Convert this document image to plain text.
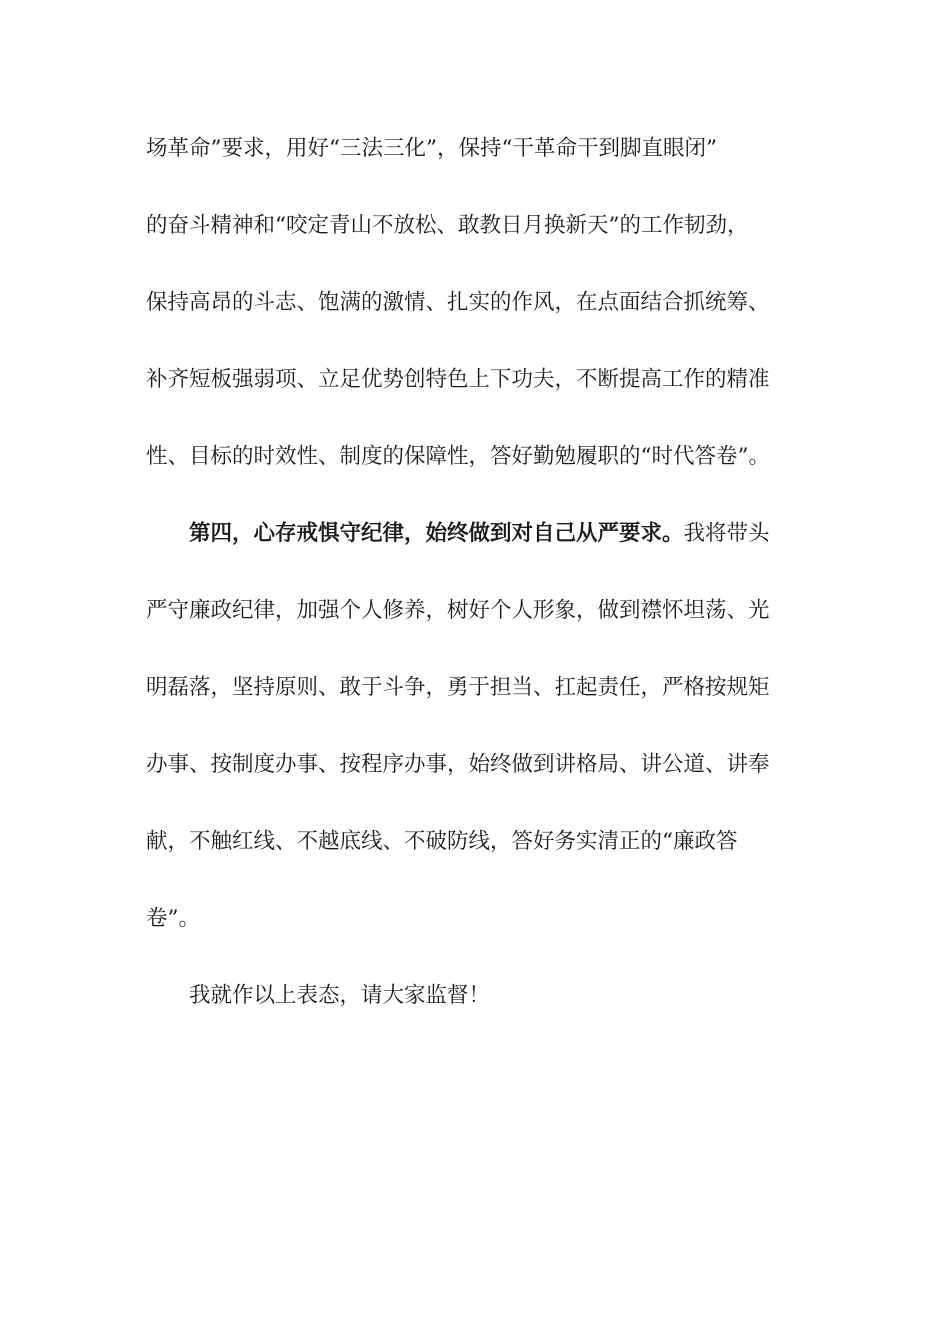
场革命”要求，用好“三法三化”，保持“干革命干到脚直眼闭”
的奋斗精神和“咬定青山不放松、敢教日月换新天”的工作韧劲，
保持高昂的斗志、饱满的激情、扎实的作风，在点面结合抓统筹、
补齐短板强弱项、立足优势创特色上下功夫，不断提高工作的精准
性、目标的时效性、制度的保障性，答好勤勉履职的“时代答卷”。
第四，心存戒惧守纪律，始终做到对自己从严要求。我将带头
严守廉政纪律，加强个人修养，树好个人形象，做到襟怀坦荡、光
明磊落，坚持原则、敢于斗争，勇于担当、扛起责任，严格按规矩
办事、按制度办事、按程序办事，始终做到讲格局、讲公道、讲奉
献，不触红线、不越底线、不破防线，答好务实清正的“廉政答
卷”。
我就作以上表态，请大家监督！
